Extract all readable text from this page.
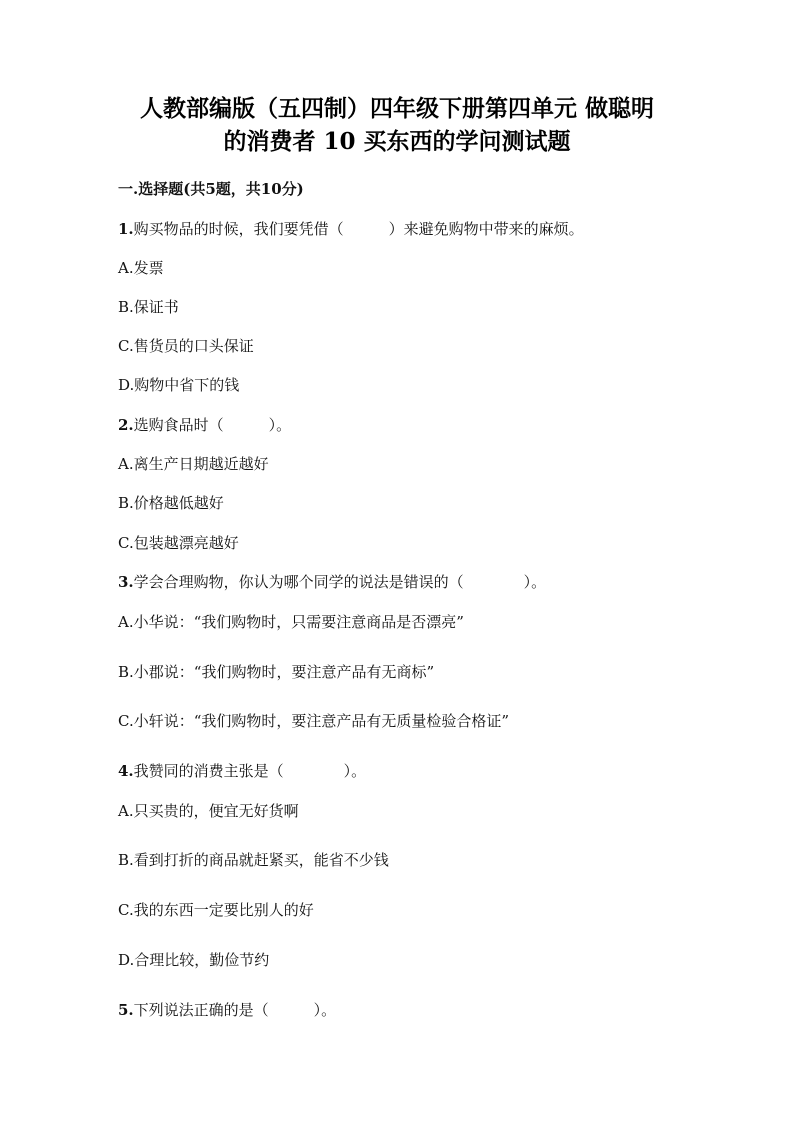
人教部编版（五四制）四年级下册第四单元 做聪明
的消费者 10 买东西的学问测试题
一.选择题(共5题，共10分)
1.购买物品的时候，我们要凭借（　　　）来避免购物中带来的麻烦。
A.发票
B.保证书
C.售货员的口头保证
D.购物中省下的钱
2.选购食品时（　　　）。
A.离生产日期越近越好
B.价格越低越好
C.包装越漂亮越好
3.学会合理购物，你认为哪个同学的说法是错误的（　　　　）。
A.小华说：“我们购物时，只需要注意商品是否漂亮”
B.小郡说：“我们购物时，要注意产品有无商标”
C.小轩说：“我们购物时，要注意产品有无质量检验合格证”
4.我赞同的消费主张是（　　　　）。
A.只买贵的，便宜无好货啊
B.看到打折的商品就赶紧买，能省不少钱
C.我的东西一定要比别人的好
D.合理比较，勤俭节约
5.下列说法正确的是（　　　）。
